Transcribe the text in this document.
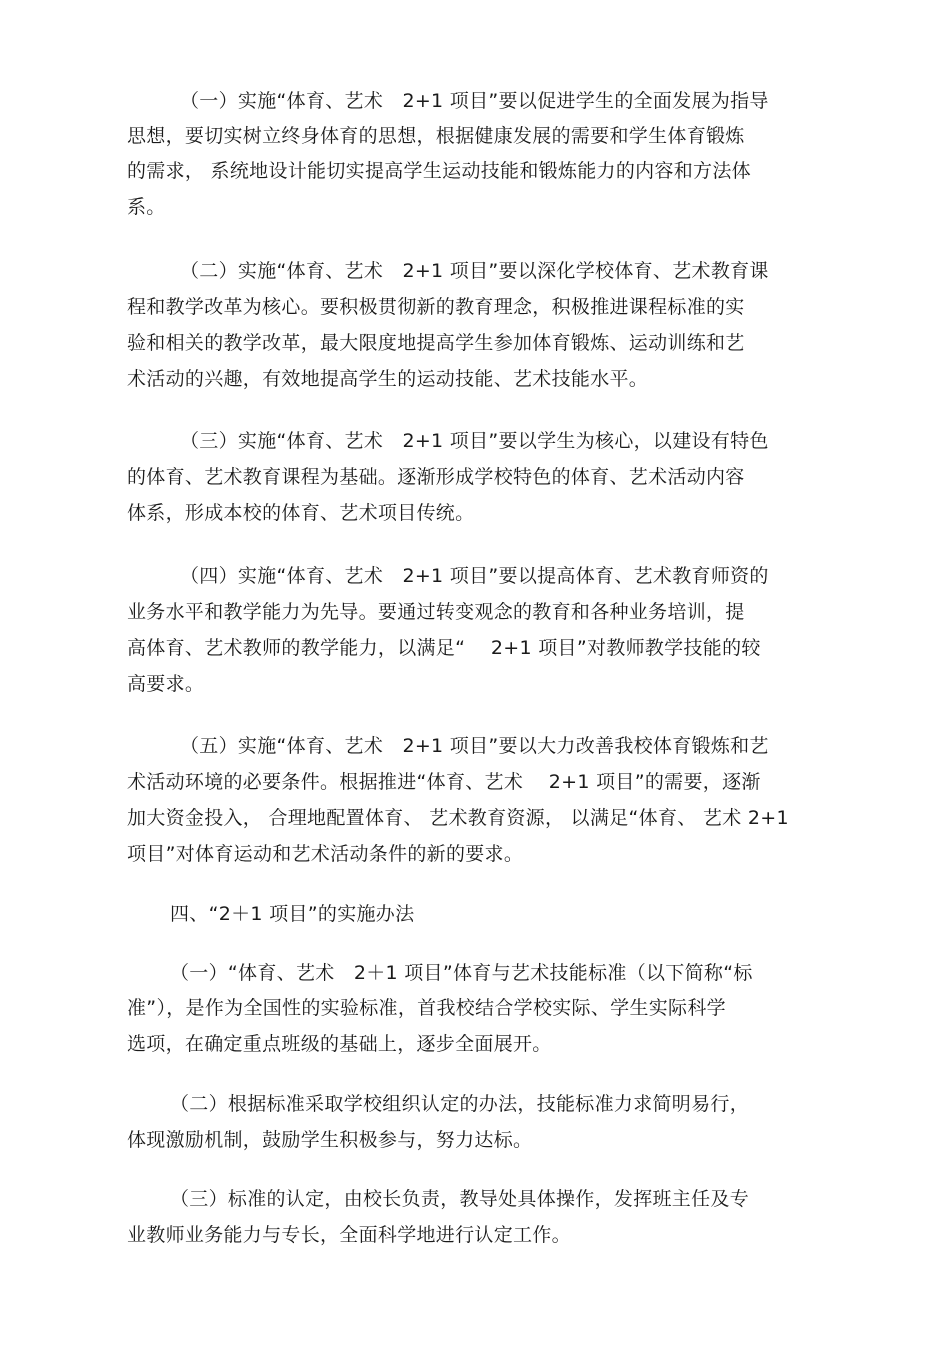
（一）实施“体育、艺术　2+1 项目”要以促进学生的全面发展为指导
思想，要切实树立终身体育的思想，根据健康发展的需要和学生体育锻炼
的需求， 系统地设计能切实提高学生运动技能和锻炼能力的内容和方法体
系。
（二）实施“体育、艺术　2+1 项目”要以深化学校体育、艺术教育课
程和教学改革为核心。要积极贯彻新的教育理念，积极推进课程标准的实
验和相关的教学改革，最大限度地提高学生参加体育锻炼、运动训练和艺
术活动的兴趣，有效地提高学生的运动技能、艺术技能水平。
（三）实施“体育、艺术　2+1 项目”要以学生为核心，以建设有特色
的体育、艺术教育课程为基础。逐渐形成学校特色的体育、艺术活动内容
体系，形成本校的体育、艺术项目传统。
（四）实施“体育、艺术　2+1 项目”要以提高体育、艺术教育师资的
业务水平和教学能力为先导。要通过转变观念的教育和各种业务培训，提
高体育、艺术教师的教学能力，以满足“　 2+1 项目”对教师教学技能的较
高要求。
（五）实施“体育、艺术　2+1 项目”要以大力改善我校体育锻炼和艺
术活动环境的必要条件。根据推进“体育、艺术　 2+1 项目”的需要，逐渐
加大资金投入， 合理地配置体育、 艺术教育资源， 以满足“体育、 艺术 2+1
项目”对体育运动和艺术活动条件的新的要求。
四、“2＋1 项目”的实施办法
（一）“体育、艺术　2＋1 项目”体育与艺术技能标准（以下简称“标
准”），是作为全国性的实验标准，首我校结合学校实际、学生实际科学
选项，在确定重点班级的基础上，逐步全面展开。
（二）根据标准采取学校组织认定的办法，技能标准力求简明易行，
体现激励机制，鼓励学生积极参与，努力达标。
（三）标准的认定，由校长负责，教导处具体操作，发挥班主任及专
业教师业务能力与专长，全面科学地进行认定工作。
